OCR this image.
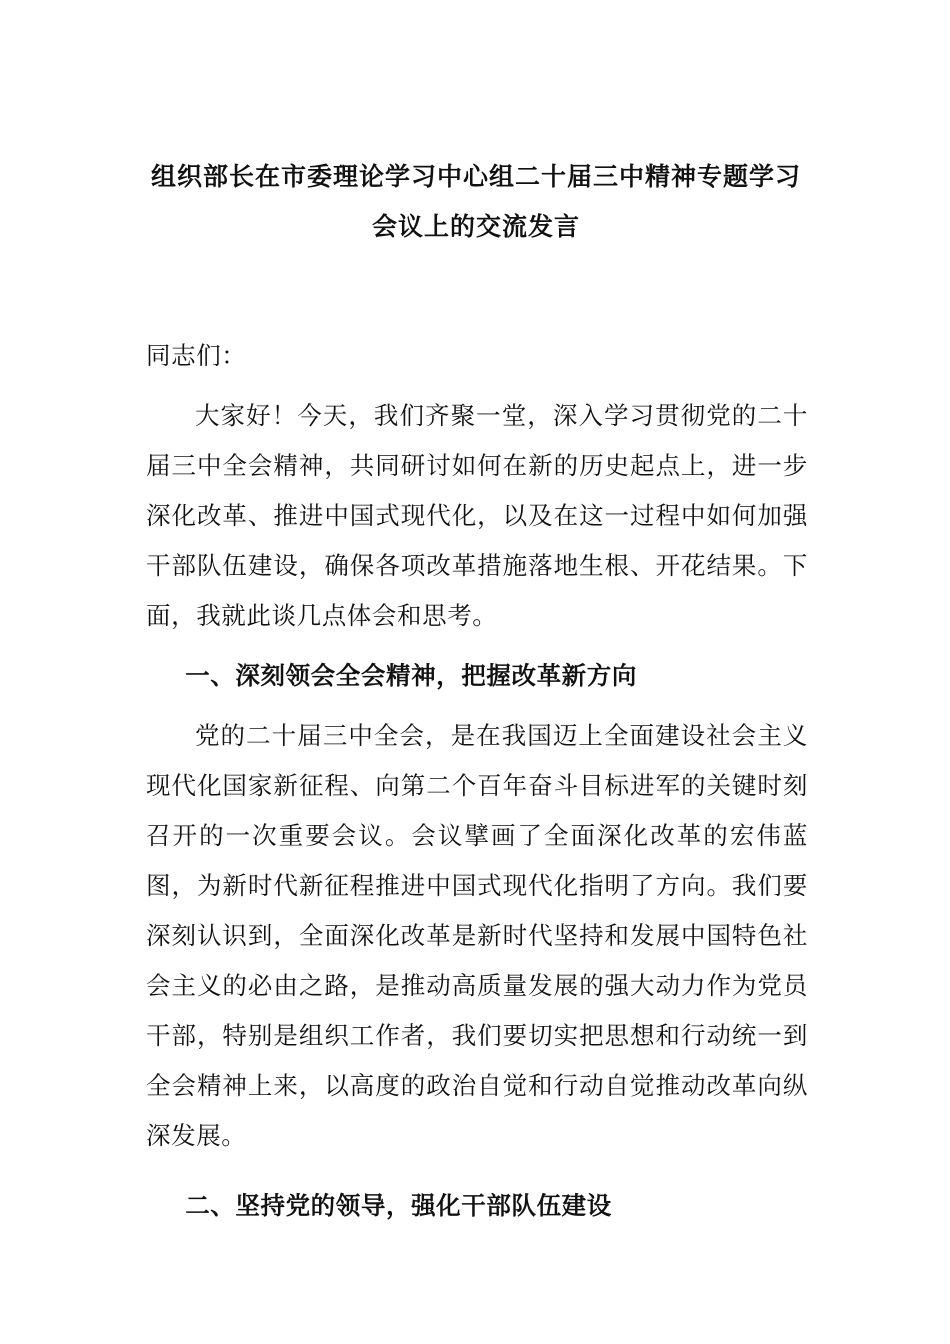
组织部长在市委理论学习中心组二十届三中精神专题学习
会议上的交流发言

同志们：

大家好！今天，我们齐聚一堂，深入学习贯彻党的二十届三中全会精神，共同研讨如何在新的历史起点上，进一步深化改革、推进中国式现代化，以及在这一过程中如何加强干部队伍建设，确保各项改革措施落地生根、开花结果。下面，我就此谈几点体会和思考。

一、深刻领会全会精神，把握改革新方向

党的二十届三中全会，是在我国迈上全面建设社会主义现代化国家新征程、向第二个百年奋斗目标进军的关键时刻召开的一次重要会议。会议擘画了全面深化改革的宏伟蓝图，为新时代新征程推进中国式现代化指明了方向。我们要深刻认识到，全面深化改革是新时代坚持和发展中国特色社会主义的必由之路，是推动高质量发展的强大动力作为党员干部，特别是组织工作者，我们要切实把思想和行动统一到全会精神上来，以高度的政治自觉和行动自觉推动改革向纵深发展。

二、坚持党的领导，强化干部队伍建设
